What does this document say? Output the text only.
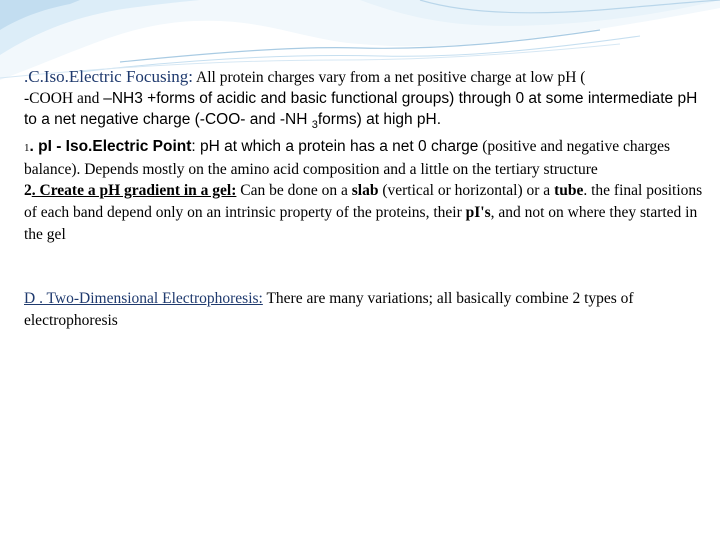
.C.Iso.Electric Focusing: All protein charges vary from a net positive charge at low pH (
-COOH and –NH3 +forms of acidic and basic functional groups) through 0 at some intermediate pH to a net negative charge (-COO- and -NH $_3$forms) at high pH.

1. pI - Iso.Electric Point: pH at which a protein has a net 0 charge (positive and negative charges balance). Depends mostly on the amino acid composition and a little on the tertiary structure

2. Create a pH gradient in a gel: Can be done on a slab (vertical or horizontal) or a tube. the final positions of each band depend only on an intrinsic property of the proteins, their pI's, and not on where they started in the gel

D . Two-Dimensional Electrophoresis: There are many variations; all basically combine 2 types of electrophoresis
